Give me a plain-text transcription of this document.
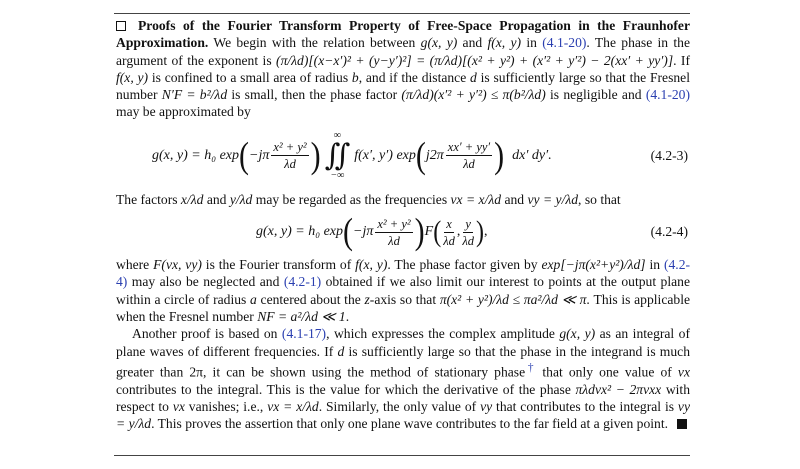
Proofs of the Fourier Transform Property of Free-Space Propagation in the Fraunhofer Approximation. We begin with the relation between g(x, y) and f(x, y) in (4.1-20). The phase in the argument of the exponent is (π/λd)[(x−x′)² + (y−y′)²] = (π/λd)[(x² + y²) + (x′² + y′²) − 2(xx′ + yy′)]. If f(x, y) is confined to a small area of radius b, and if the distance d is sufficiently large so that the Fresnel number N′F = b²/λd is small, then the phase factor (π/λd)(x′² + y′²) ≤ π(b²/λd) is negligible and (4.1-20) may be approximated by

g(x, y) = h₀ exp ( $-j\pi \frac{\text{x² + y²}}{\lambda d}$ ) ∞
∬
−∞
f(x′, y′) exp ( $j2\pi \frac{xx' + yy'}{\lambda d}$ ) dx′ dy′.	(4.2-3)

The factors x/λd and y/λd may be regarded as the frequencies νx = x/λd and νy = y/λd, so that

g(x, y) = h₀ exp ( $-j\pi \frac{\text{x² + y²}}{\lambda d}$ ) F ( $\frac{x}{\lambda d}$ , $\frac{y}{\lambda d}$ ) ,	(4.2-4)

where F(νx, νy) is the Fourier transform of f(x, y). The phase factor given by exp[−jπ(x²+y²)/λd] in (4.2-4) may also be neglected and (4.2-1) obtained if we also limit our interest to points at the output plane within a circle of radius a centered about the z-axis so that π(x² + y²)/λd ≤ πa²/λd ≪ π. This is applicable when the Fresnel number NF = a²/λd ≪ 1.

Another proof is based on (4.1-17), which expresses the complex amplitude g(x, y) as an integral of plane waves of different frequencies. If d is sufficiently large so that the phase in the integrand is much greater than 2π, it can be shown using the method of stationary phase† that only one value of νx contributes to the integral. This is the value for which the derivative of the phase πλdνx² − 2πνxx with respect to νx vanishes; i.e., νx = x/λd. Similarly, the only value of νy that contributes to the integral is νy = y/λd. This proves the assertion that only one plane wave contributes to the far field at a given point.
